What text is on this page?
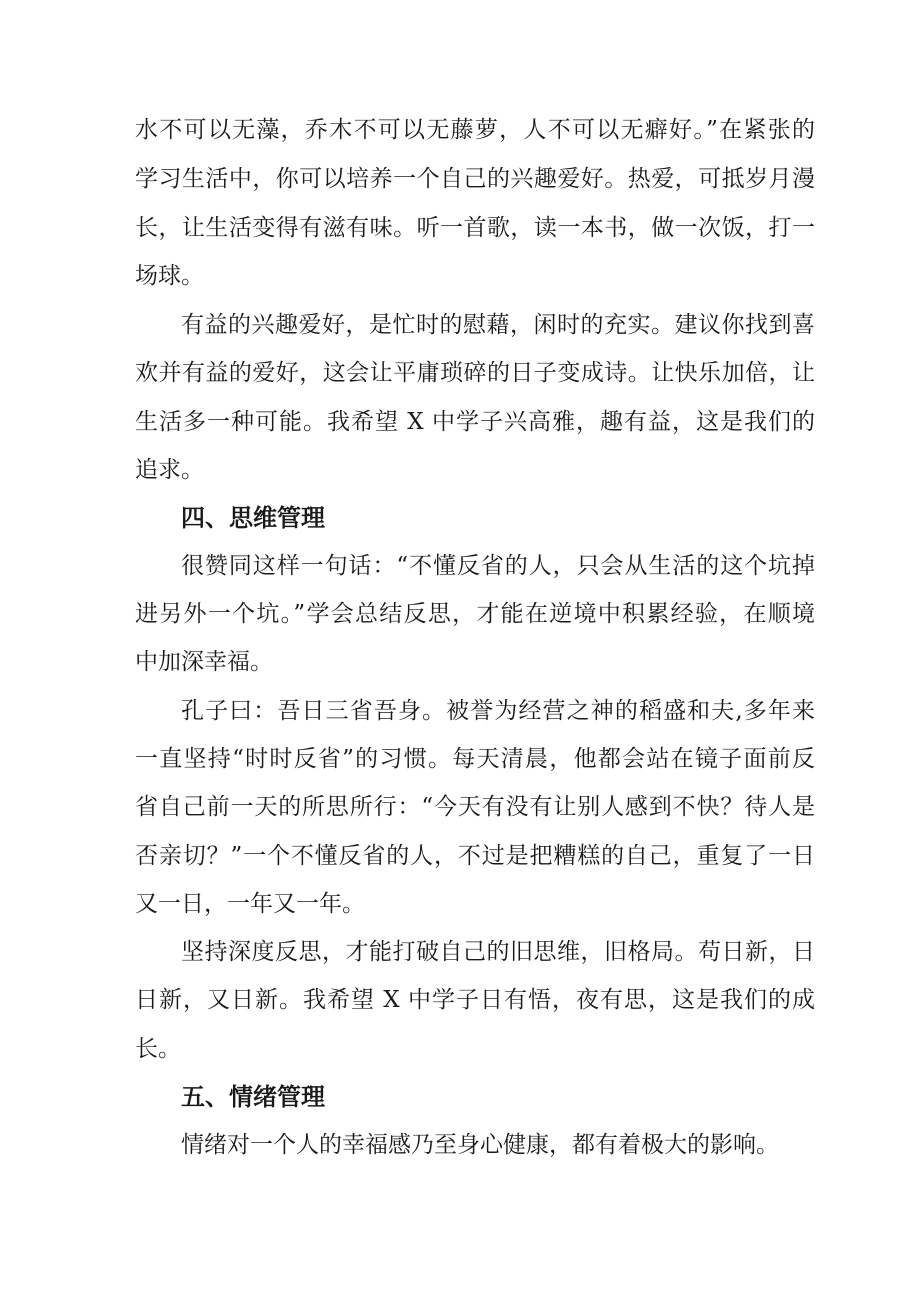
水不可以无藻，乔木不可以无藤萝，人不可以无癖好。”在紧张的
学习生活中，你可以培养一个自己的兴趣爱好。热爱，可抵岁月漫
长，让生活变得有滋有味。听一首歌，读一本书，做一次饭，打一
场球。
有益的兴趣爱好，是忙时的慰藉，闲时的充实。建议你找到喜
欢并有益的爱好，这会让平庸琐碎的日子变成诗。让快乐加倍，让
生活多一种可能。我希望 X 中学子兴高雅，趣有益，这是我们的
追求。
四、思维管理
很赞同这样一句话：“不懂反省的人，只会从生活的这个坑掉
进另外一个坑。”学会总结反思，才能在逆境中积累经验，在顺境
中加深幸福。
孔子曰：吾日三省吾身。被誉为经营之神的稻盛和夫,多年来
一直坚持“时时反省”的习惯。每天清晨，他都会站在镜子面前反
省自己前一天的所思所行：“今天有没有让别人感到不快？待人是
否亲切？”一个不懂反省的人，不过是把糟糕的自己，重复了一日
又一日，一年又一年。
坚持深度反思，才能打破自己的旧思维，旧格局。苟日新，日
日新，又日新。我希望 X 中学子日有悟，夜有思，这是我们的成
长。
五、情绪管理
情绪对一个人的幸福感乃至身心健康，都有着极大的影响。
